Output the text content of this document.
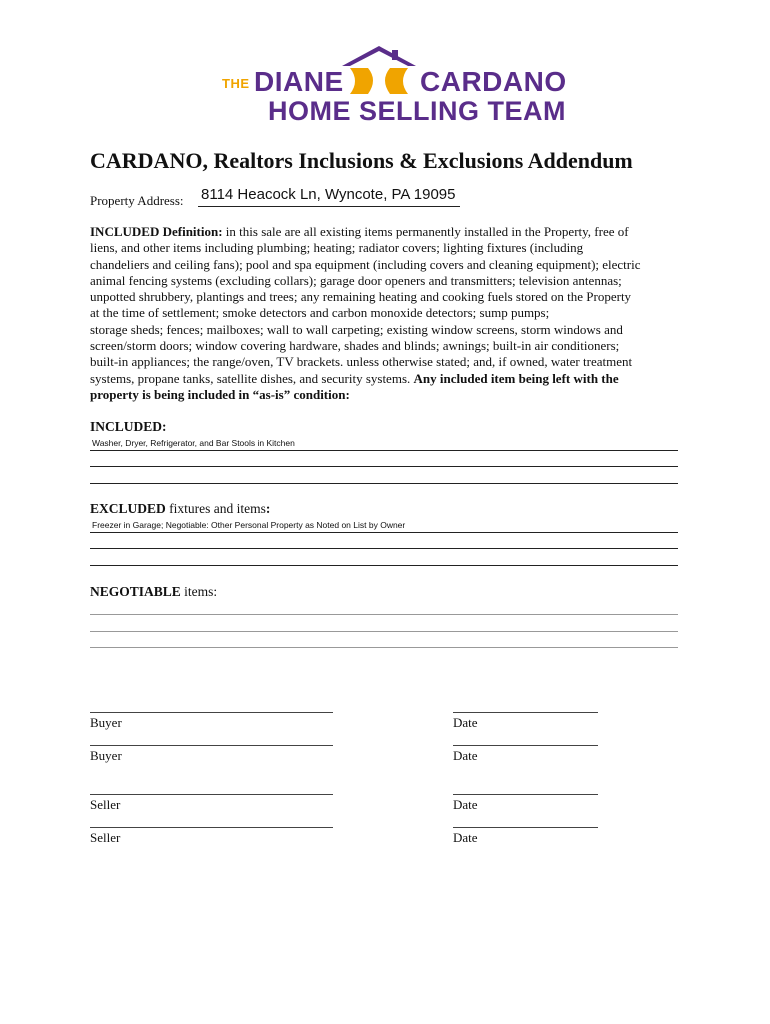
THE DIANE	CARDANO
HOME SELLING TEAM
CARDANO, Realtors Inclusions & Exclusions Addendum
Property Address: 8114 Heacock Ln, Wyncote, PA 19095
INCLUDED Definition: in this sale are all existing items permanently installed in the Property, free of
liens, and other items including plumbing; heating; radiator covers; lighting fixtures (including
chandeliers and ceiling fans); pool and spa equipment (including covers and cleaning equipment); electric
animal fencing systems (excluding collars); garage door openers and transmitters; television antennas;
unpotted shrubbery, plantings and trees; any remaining heating and cooking fuels stored on the Property
at the time of settlement; smoke detectors and carbon monoxide detectors; sump pumps;
storage sheds; fences; mailboxes; wall to wall carpeting; existing window screens, storm windows and
screen/storm doors; window covering hardware, shades and blinds; awnings; built-in air conditioners;
built-in appliances; the range/oven, TV brackets. unless otherwise stated; and, if owned, water treatment
systems, propane tanks, satellite dishes, and security systems. Any included item being left with the
property is being included in “as-is” condition:
INCLUDED:
Washer, Dryer, Refrigerator, and Bar Stools in Kitchen
EXCLUDED fixtures and items:
Freezer in Garage; Negotiable: Other Personal Property as Noted on List by Owner
NEGOTIABLE items:
Buyer	Date
Buyer	Date
Seller	Date
Seller	Date
